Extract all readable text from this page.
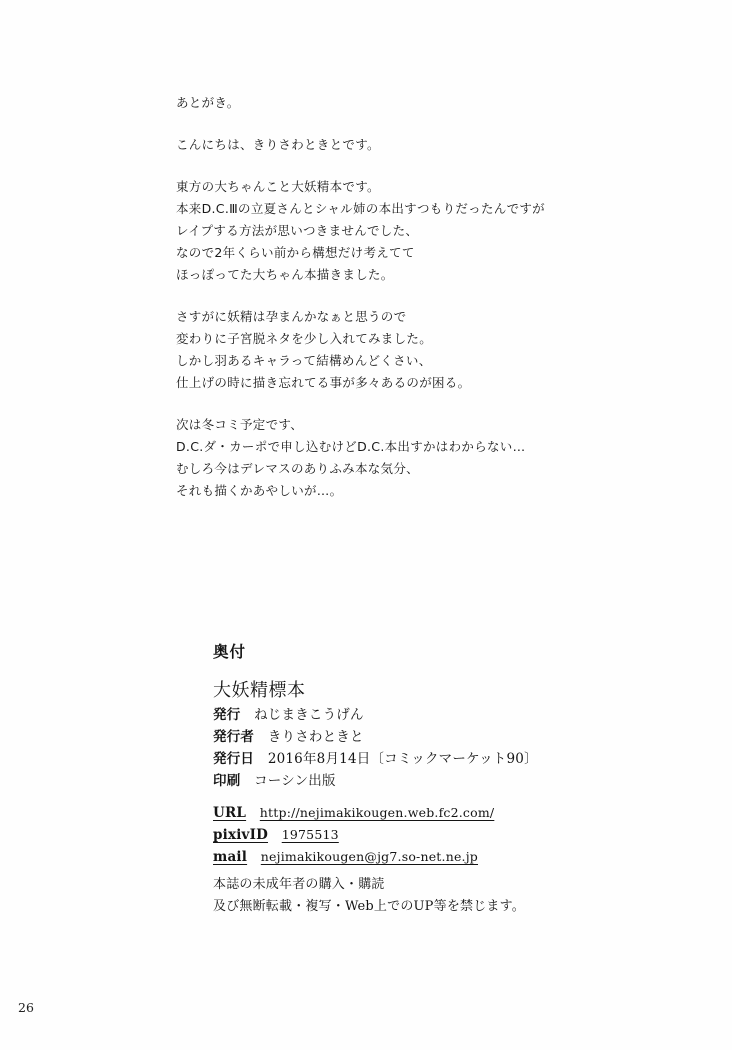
あとがき。
こんにちは、きりさわときとです。
東方の大ちゃんこと大妖精本です。
本来D.C.Ⅲの立夏さんとシャル姉の本出すつもりだったんですが
レイプする方法が思いつきませんでした、
なので2年くらい前から構想だけ考えてて
ほっぽってた大ちゃん本描きました。
さすがに妖精は孕まんかなぁと思うので
変わりに子宮脱ネタを少し入れてみました。
しかし羽あるキャラって結構めんどくさい、
仕上げの時に描き忘れてる事が多々あるのが困る。
次は冬コミ予定です、
D.C.ダ・カーポで申し込むけどD.C.本出すかはわからない…
むしろ今はデレマスのありふみ本な気分、
それも描くかあやしいが…。
奥付
大妖精標本
発行　 ねじまきこうげん
発行者　 きりさわときと
発行日　 2016年8月14日〔コミックマーケット90〕
印刷　 コーシン出版
URL　 http://nejimakikougen.web.fc2.com/
pixivID　 1975513
mail　 nejimakikougen@jg7.so-net.ne.jp
本誌の未成年者の購入・購読
及び無断転載・複写・Web上でのUP等を禁じます。
26
